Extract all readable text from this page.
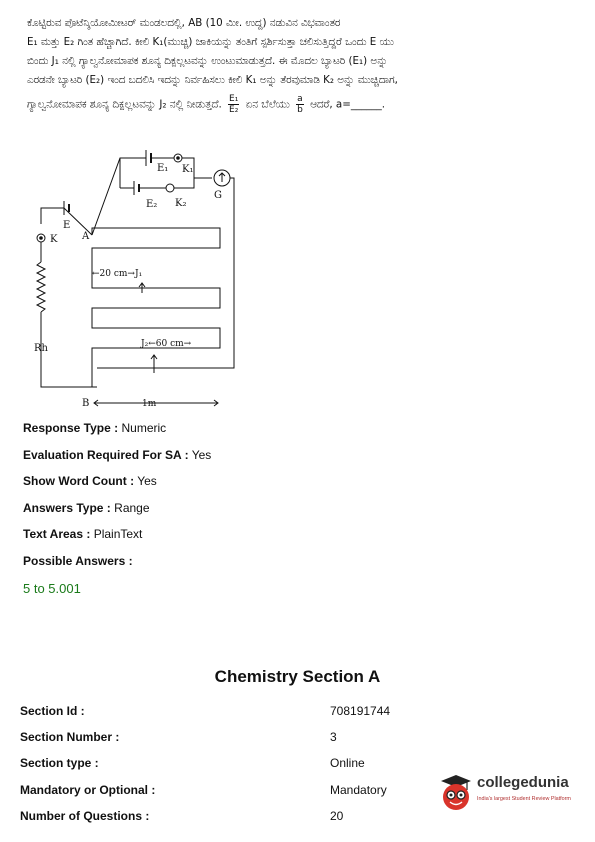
ಕೊಟ್ಟಿರುವ ಪೊಟೆನ್ಶಿಯೋಮೀಟರ್ ಮಂಡಲದಲ್ಲಿ, AB (10 ಮೀ. ಉದ್ದ) ನಡುವಿನ ವಿಭವಾಂತರ
E₁ ಮತ್ತು E₂ ಗಿಂತ ಹೆಚ್ಚಾಗಿದೆ. ಕೀಲಿ K₁(ಮುಚ್ಚಿ) ಜಾಕಿಯನ್ನು ತಂತಿಗೆ ಸ್ಪರ್ಶಿಸುತ್ತಾ ಚಲಿಸುತ್ತಿದ್ದರೆ ಒಂದು E ಯು
ಬಿಂದು J₁ ನಲ್ಲಿ ಗ್ಯಾಲ್ವನೋಮಾಪಕ ಶೂನ್ಯ ದಿಕ್ಪಲ್ಲಟವನ್ನು ಉಂಟುಮಾಡುತ್ತದೆ. ಈ ಮೊದಲ ಬ್ಯಾಟರಿ (E₁) ಅನ್ನು
ಎರಡನೇ ಬ್ಯಾಟರಿ (E₂) ಇಂದ ಬದಲಿಸಿ ಇದನ್ನು ನಿರ್ವಹಿಸಲು ಕೀಲಿ K₁ ಅನ್ನು ತೆರವುಮಾಡಿ K₂ ಅನ್ನು ಮುಚ್ಚಿದಾಗ,
ಗ್ಯಾಲ್ವನೋಮಾಪಕ ಶೂನ್ಯ ದಿಕ್ಪಲ್ಲಟವನ್ನು J₂ ನಲ್ಲಿ ನೀಡುತ್ತದೆ. $\frac{\text{E₁}}{\text{E₂}}$ ಏನ ಬೆಲೆಯು $\frac{a}{b}$ ಆದರೆ, a=______.
E₁ K₁
E₂ K₂
G
E
K A
Rh
B	1m
←20 cm→J₁
J₂←60 cm→
Response Type : Numeric
Evaluation Required For SA : Yes
Show Word Count : Yes
Answers Type : Range
Text Areas : PlainText
Possible Answers :
5 to 5.001
Chemistry Section A
Section Id :	708191744
Section Number :	3
Section type :	Online
Mandatory or Optional :	Mandatory
Number of Questions :	20
collegedunia
India's largest Student Review Platform
